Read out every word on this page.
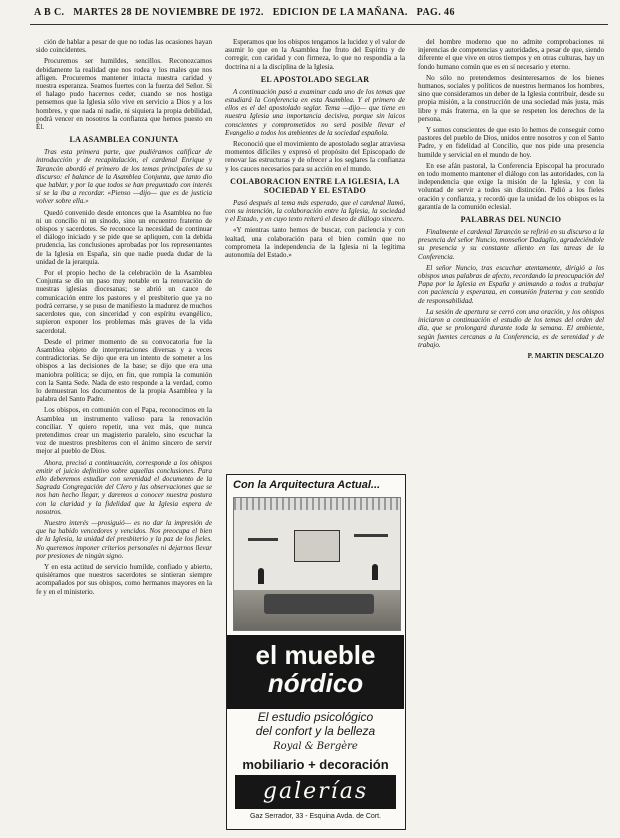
A B C. MARTES 28 DE NOVIEMBRE DE 1972. EDICION DE LA MAÑANA. PAG. 46

ción de hablar a pesar de que no todas las ocasiones hayan sido coincidentes.

Procuremos ser humildes, sencillos. Reconozcamos debidamente la realidad que nos rodea y los males que nos afligen. Procuremos mantener intacta nuestra caridad y nuestra esperanza. Seamos fuertes con la fuerza del Señor. Si el halago pudo hacernos ceder, cuando se nos hostiga pensemos que la Iglesia sólo vive en servicio a Dios y a los hombres, y que nada ni nadie, ni siquiera la propia debilidad, podrá vencer en nosotros la confianza que hemos puesto en Él.

LA ASAMBLEA CONJUNTA

Tras esta primera parte, que pudiéramos calificar de introducción y de recapitulación, el cardenal Enrique y Tarancón abordó el primero de los temas principales de su discurso: el balance de la Asamblea Conjunta, que tanto dio que hablar, y por la que todos se han preguntado con interés si se la iba a recordar. «Pienso —dijo— que es de justicia volver sobre ella.»

Quedó convenido desde entonces que la Asamblea no fue ni un concilio ni un sínodo, sino un encuentro fraterno de obispos y sacerdotes. Se reconoce la necesidad de continuar el diálogo iniciado y se pide que se apliquen, con la debida prudencia, las conclusiones aprobadas por los representantes de la Iglesia en España, sin que nadie pueda dudar de la unidad de la jerarquía.

Por el propio hecho de la celebración de la Asamblea Conjunta se dio un paso muy notable en la renovación de nuestras iglesias diocesanas; se abrió un cauce de comunicación entre los pastores y el presbiterio que ya no podrá cerrarse, y se puso de manifiesto la madurez de muchos sacerdotes que, con sinceridad y con espíritu evangélico, supieron exponer los problemas más graves de la vida sacerdotal.

Desde el primer momento de su convocatoria fue la Asamblea objeto de interpretaciones diversas y a veces contradictorias. Se dijo que era un intento de someter a los obispos a las decisiones de la base; se dijo que era una maniobra política; se dijo, en fin, que rompía la comunión con la Santa Sede. Nada de esto responde a la verdad, como lo demuestran los documentos de la propia Asamblea y la palabra del Santo Padre.

Los obispos, en comunión con el Papa, reconocimos en la Asamblea un instrumento valioso para la renovación conciliar. Y quiero repetir, una vez más, que nunca pretendimos crear un magisterio paralelo, sino escuchar la voz de nuestros presbíteros con el ánimo sincero de servir mejor al pueblo de Dios.

Ahora, precisó a continuación, corresponde a los obispos emitir el juicio definitivo sobre aquellas conclusiones. Para ello deberemos estudiar con serenidad el documento de la Sagrada Congregación del Clero y las observaciones que se nos han hecho llegar, y daremos a conocer nuestra postura con la claridad y la fidelidad que la Iglesia espera de nosotros.

Nuestro interés —prosiguió— es no dar la impresión de que ha habido vencedores y vencidos. Nos preocupa el bien de la Iglesia, la unidad del presbiterio y la paz de los fieles. No queremos imponer criterios personales ni dejarnos llevar por presiones de ningún signo.

Y en esta actitud de servicio humilde, confiado y abierto, quisiéramos que nuestros sacerdotes se sintieran siempre acompañados por sus obispos, como hermanos mayores en la fe y en el ministerio.

Esperamos que los obispos tengamos la lucidez y el valor de asumir lo que en la Asamblea fue fruto del Espíritu y de corregir, con caridad y con firmeza, lo que no respondía a la doctrina ni a la disciplina de la Iglesia.

EL APOSTOLADO SEGLAR

A continuación pasó a examinar cada uno de los temas que estudiará la Conferencia en esta Asamblea. Y el primero de ellos es el del apostolado seglar. Tema —dijo— que tiene en nuestra Iglesia una importancia decisiva, porque sin laicos conscientes y comprometidos no será posible llevar el Evangelio a todos los ambientes de la sociedad española.

Reconoció que el movimiento de apostolado seglar atraviesa momentos difíciles y expresó el propósito del Episcopado de renovar las estructuras y de ofrecer a los seglares la confianza y los cauces necesarios para su acción en el mundo.

COLABORACION ENTRE LA IGLESIA, LA SOCIEDAD Y EL ESTADO

Pasó después al tema más esperado, que el cardenal llamó, con su intención, la colaboración entre la Iglesia, la sociedad y el Estado, y en cuyo texto reiteró el deseo de diálogo sincero.

«Y mientras tanto hemos de buscar, con paciencia y con lealtad, una colaboración para el bien común que no comprometa la independencia de la Iglesia ni la legítima autonomía del Estado.»

Con la Arquitectura Actual...
el mueble
nórdico
El estudio psicológico
del confort y la belleza
Royal & Bergère
mobiliario + decoración
galerías
Gaz Serrador, 33 - Esquina Avda. de Cort.

del hombre moderno que no admite comprobaciones ni injerencias de competencias y autoridades, a pesar de que, siendo diferente el que vive en otros tiempos y en otras culturas, hay un fondo humano común que es en sí necesario y eterno.

No sólo no pretendemos desinteresarnos de los bienes humanos, sociales y políticos de nuestros hermanos los hombres, sino que consideramos un deber de la Iglesia contribuir, desde su propia misión, a la construcción de una sociedad más justa, más libre y más fraterna, en la que se respeten los derechos de la persona.

Y somos conscientes de que esto lo hemos de conseguir como pastores del pueblo de Dios, unidos entre nosotros y con el Santo Padre, y en fidelidad al Concilio, que nos pide una presencia humilde y servicial en el mundo de hoy.

En ese afán pastoral, la Conferencia Episcopal ha procurado en todo momento mantener el diálogo con las autoridades, con la independencia que exige la misión de la Iglesia, y con la voluntad de servir a todos sin distinción. Pidió a los fieles oración y confianza, y recordó que la unidad de los obispos es la garantía de la comunión eclesial.

PALABRAS DEL NUNCIO

Finalmente el cardenal Tarancón se refirió en su discurso a la presencia del señor Nuncio, monseñor Dadaglio, agradeciéndole su presencia y su constante aliento en las tareas de la Conferencia.

El señor Nuncio, tras escuchar atentamente, dirigió a los obispos unas palabras de afecto, recordando la preocupación del Papa por la Iglesia en España y animando a todos a trabajar con paciencia y esperanza, en comunión fraterna y con sentido de responsabilidad.

La sesión de apertura se cerró con una oración, y los obispos iniciaron a continuación el estudio de los temas del orden del día, que se prolongará durante toda la semana. El ambiente, según fuentes cercanas a la Conferencia, es de serenidad y de trabajo.

P. MARTIN DESCALZO
